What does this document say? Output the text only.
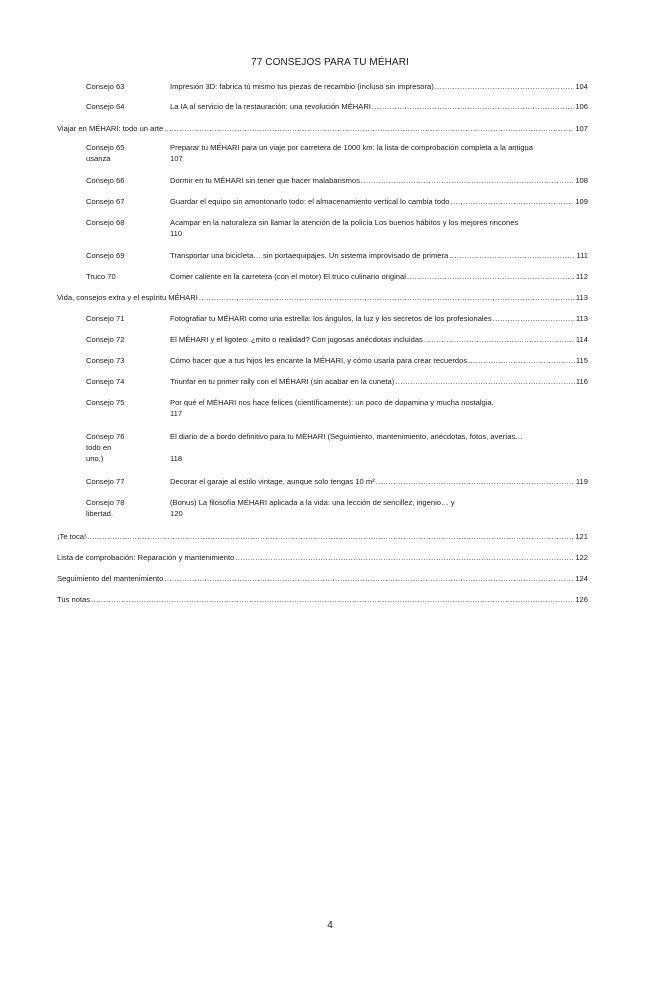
77 CONSEJOS PARA TU MÉHARI
Consejo 63	Impresión 3D: fabrica tú mismo tus piezas de recambio (incluso sin impresora) .....	104
Consejo 64	La IA al servicio de la restauración: una revolución MÉHARI .....	106
Viajar en MÉHARI: todo un arte .....	107
Consejo 65	Preparar tu MÉHARI para un viaje por carretera de 1000 km: la lista de comprobación completa a la antigua
usanza	107
Consejo 66	Dormir en tu MÉHARI sin tener que hacer malabarismos .....	108
Consejo 67	Guardar el equipo sin amontonarlo todo: el almacenamiento vertical lo cambia todo .....	109
Consejo 68	Acampar en la naturaleza sin llamar la atención de la policía Los buenos hábitos y los mejores rincones
110
Consejo 69	Transportar una bicicleta… sin portaequipajes. Un sistema improvisado de primera .....	111
Truco 70	Comer caliente en la carretera (con el motor) El truco culinario original .....	112
Vida, consejos extra y el espíritu MÉHARI .....	113
Consejo 71	Fotografiar tu MÉHARI como una estrella: los ángulos, la luz y los secretos de los profesionales .....	113
Consejo 72	El MÉHARI y el ligoteo: ¿mito o realidad? Con jugosas anécdotas incluidas .....	114
Consejo 73	Cómo hacer que a tus hijos les encante la MÉHARI, y cómo usarla para crear recuerdos .....	115
Consejo 74	Triunfar en tu primer rally con el MÉHARI (sin acabar en la cuneta) .....	116
Consejo 75	Por qué el MÉHARI nos hace felices (científicamente): un poco de dopamina y mucha nostalgia.
117
Consejo 76	El diario de a bordo definitivo para tu MÉHARI (Seguimiento, mantenimiento, anécdotas, fotos, averías…
todo en
uno.)	118
Consejo 77	Decorar el garaje al estilo vintage, aunque solo tengas 10 m² .....	119
Consejo 78	(Bonus) La filosofía MÉHARI aplicada a la vida: una lección de sencillez, ingenio… y
libertad.	120
¡Te toca! .....	121
Lista de comprobación: Reparación y mantenimiento .....	122
Seguimiento del mantenimiento .....	124
Tus notas .....	126
4
